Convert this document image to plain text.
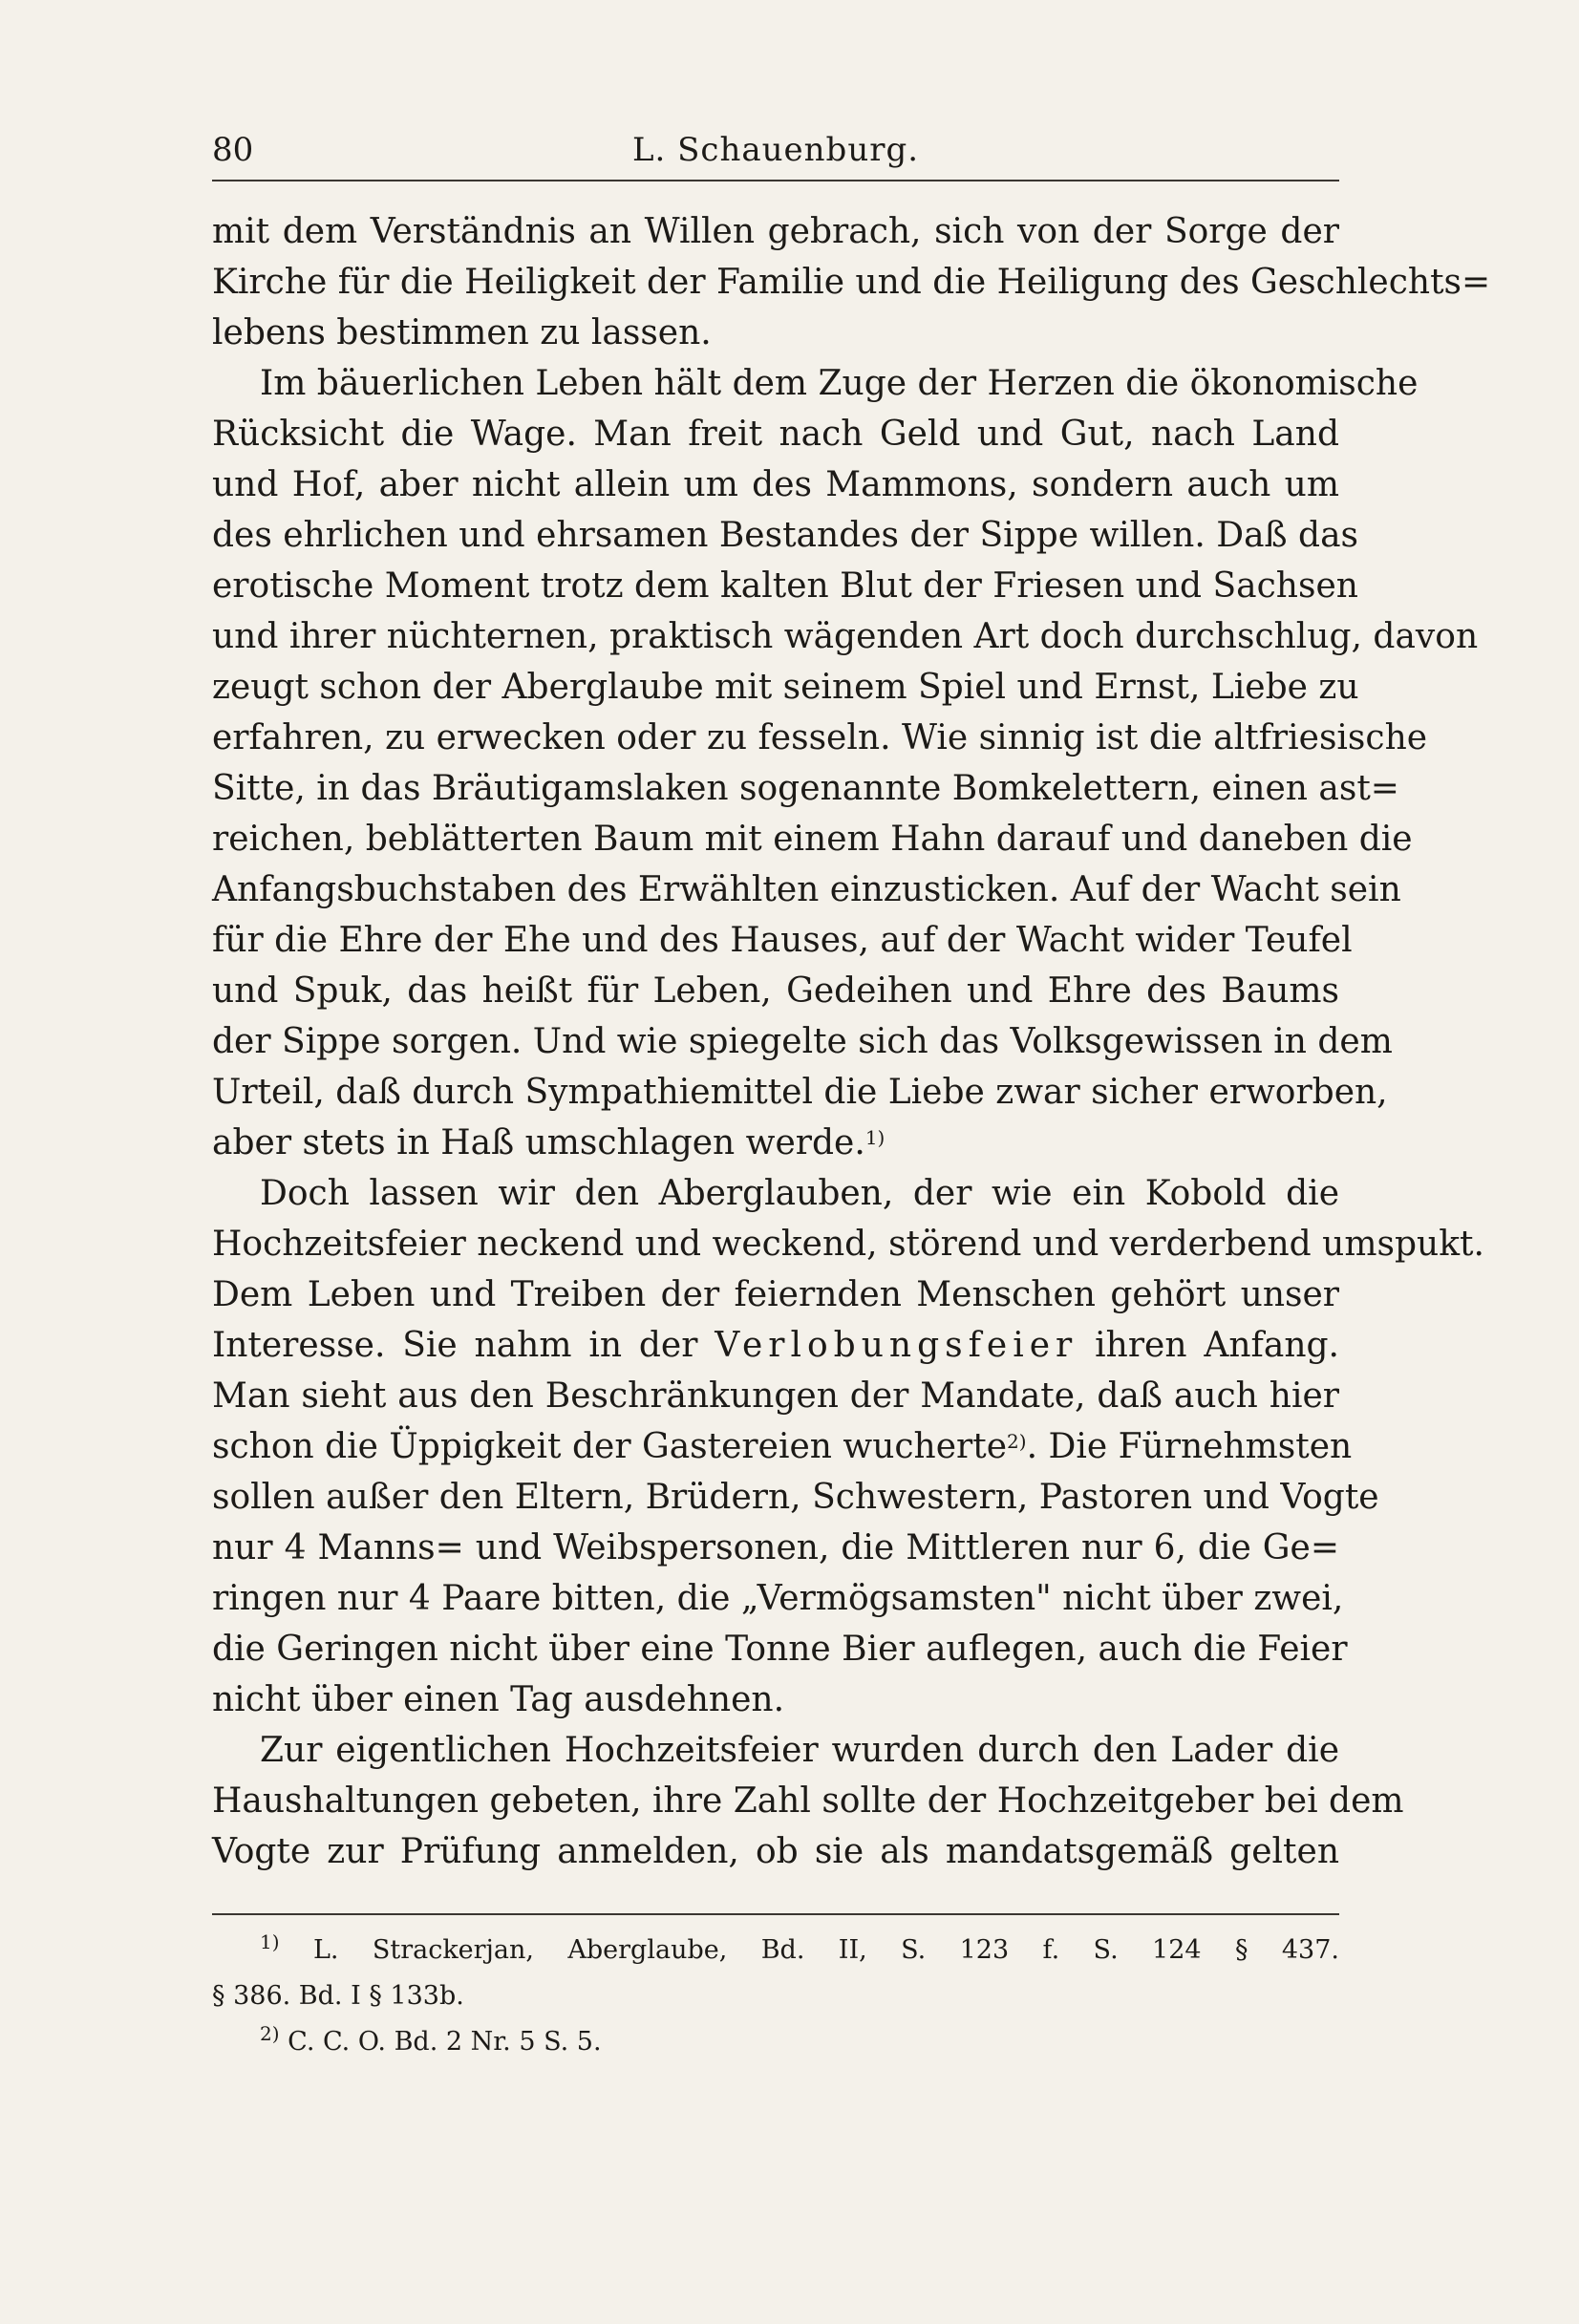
80	L. Schauenburg.
mit dem Verständnis an Willen gebrach, sich von der Sorge der
Kirche für die Heiligkeit der Familie und die Heiligung des Geschlechts=
lebens bestimmen zu lassen.
Im bäuerlichen Leben hält dem Zuge der Herzen die ökonomische
Rücksicht die Wage. Man freit nach Geld und Gut, nach Land
und Hof, aber nicht allein um des Mammons, sondern auch um
des ehrlichen und ehrsamen Bestandes der Sippe willen. Daß das
erotische Moment trotz dem kalten Blut der Friesen und Sachsen
und ihrer nüchternen, praktisch wägenden Art doch durchschlug, davon
zeugt schon der Aberglaube mit seinem Spiel und Ernst, Liebe zu
erfahren, zu erwecken oder zu fesseln. Wie sinnig ist die altfriesische
Sitte, in das Bräutigamslaken sogenannte Bomkelettern, einen ast=
reichen, beblätterten Baum mit einem Hahn darauf und daneben die
Anfangsbuchstaben des Erwählten einzusticken. Auf der Wacht sein
für die Ehre der Ehe und des Hauses, auf der Wacht wider Teufel
und Spuk, das heißt für Leben, Gedeihen und Ehre des Baums
der Sippe sorgen. Und wie spiegelte sich das Volksgewissen in dem
Urteil, daß durch Sympathiemittel die Liebe zwar sicher erworben,
aber stets in Haß umschlagen werde.$^{1)}$
Doch lassen wir den Aberglauben, der wie ein Kobold die
Hochzeitsfeier neckend und weckend, störend und verderbend umspukt.
Dem Leben und Treiben der feiernden Menschen gehört unser
Interesse. Sie nahm in der Verlobungsfeier ihren Anfang.
Man sieht aus den Beschränkungen der Mandate, daß auch hier
schon die Üppigkeit der Gastereien wucherte$^{2)}$. Die Fürnehmsten
sollen außer den Eltern, Brüdern, Schwestern, Pastoren und Vogte
nur 4 Manns= und Weibspersonen, die Mittleren nur 6, die Ge=
ringen nur 4 Paare bitten, die „Vermögsamsten" nicht über zwei,
die Geringen nicht über eine Tonne Bier auflegen, auch die Feier
nicht über einen Tag ausdehnen.
Zur eigentlichen Hochzeitsfeier wurden durch den Lader die
Haushaltungen gebeten, ihre Zahl sollte der Hochzeitgeber bei dem
Vogte zur Prüfung anmelden, ob sie als mandatsgemäß gelten
$^{1)}$ L. Strackerjan, Aberglaube, Bd. II, S. 123 f. S. 124 § 437.
§ 386. Bd. I § 133b.
$^{2)}$ C. C. O. Bd. 2 Nr. 5 S. 5.
